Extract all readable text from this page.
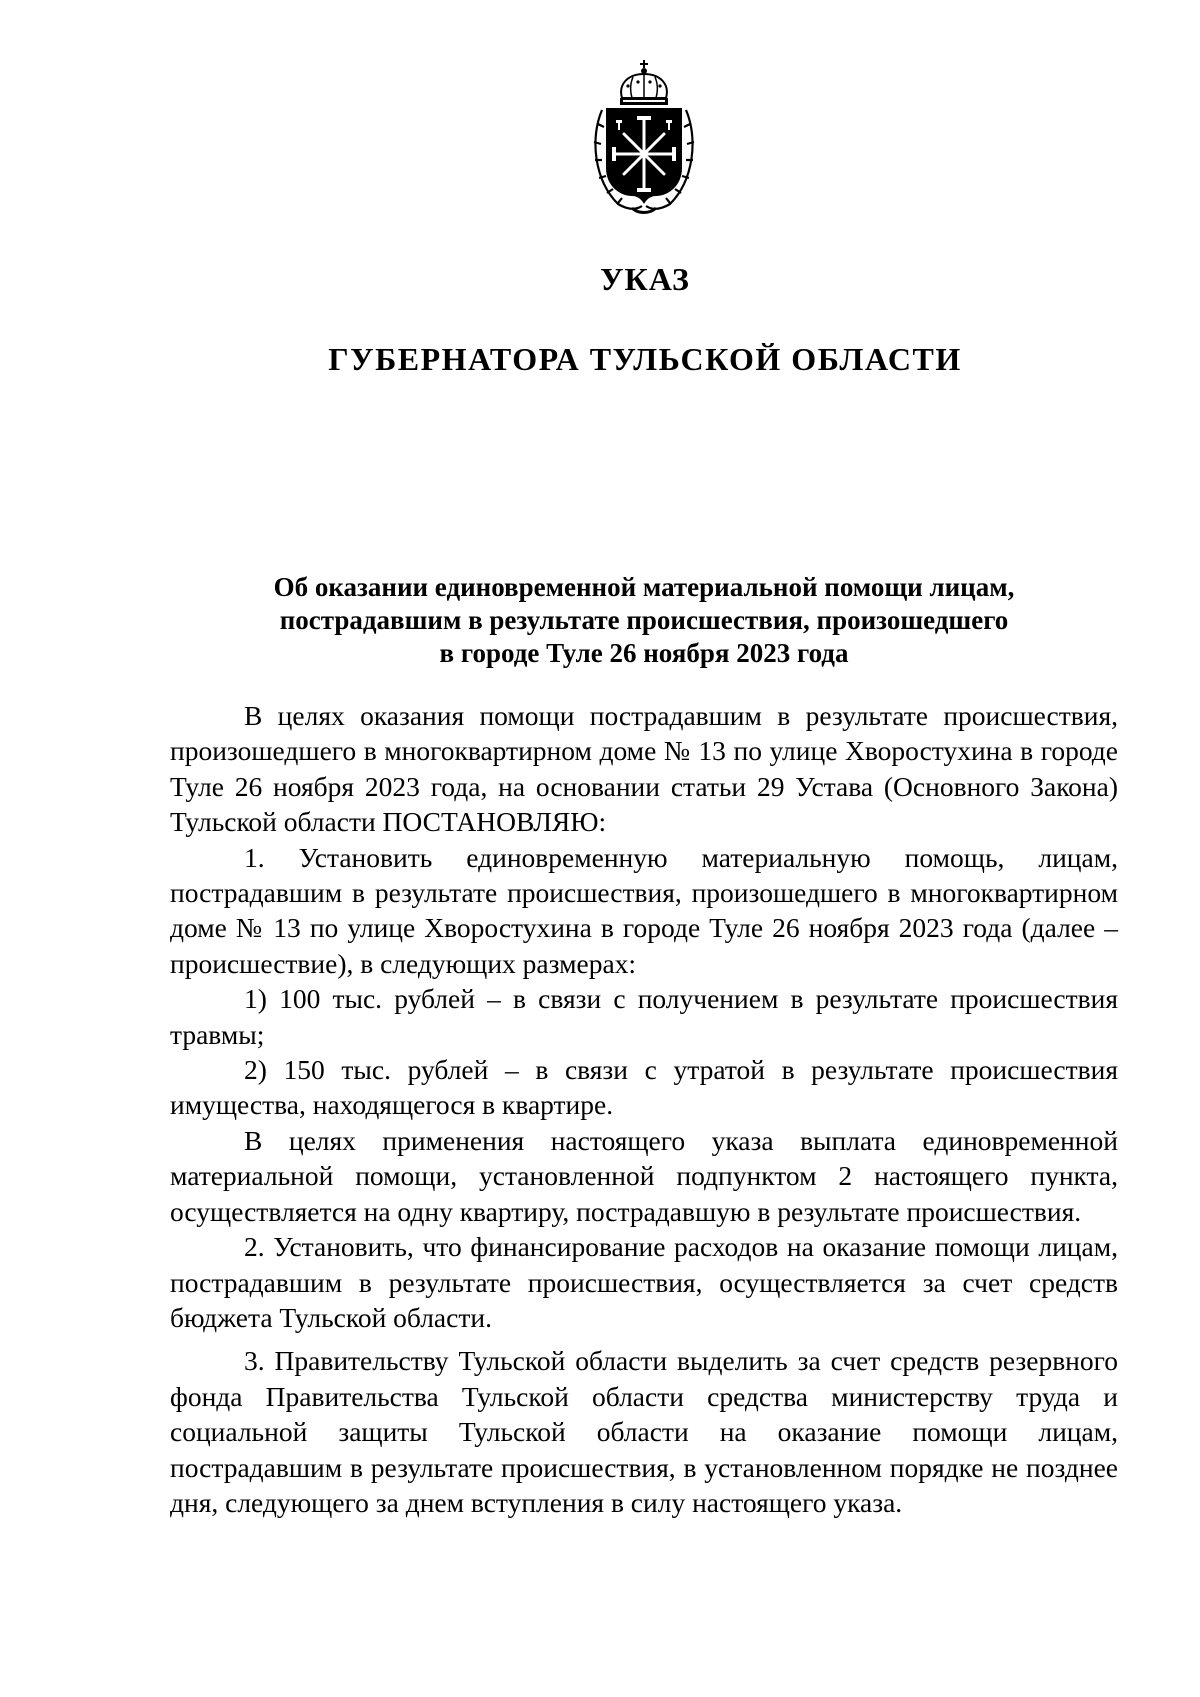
УКАЗ
ГУБЕРНАТОРА ТУЛЬСКОЙ ОБЛАСТИ
Об оказании единовременной материальной помощи лицам,
пострадавшим в результате происшествия, произошедшего
в городе Туле 26 ноября 2023 года

В целях оказания помощи пострадавшим в результате происшествия, произошедшего в многоквартирном доме № 13 по улице Хворостухина в городе Туле 26 ноября 2023 года, на основании статьи 29 Устава (Основного Закона) Тульской области ПОСТАНОВЛЯЮ:

1. Установить единовременную материальную помощь, лицам, пострадавшим в результате происшествия, произошедшего в многоквартирном доме № 13 по улице Хворостухина в городе Туле 26 ноября 2023 года (далее – происшествие), в следующих размерах:

1) 100 тыс. рублей – в связи с получением в результате происшествия травмы;

2) 150 тыс. рублей – в связи с утратой в результате происшествия имущества, находящегося в квартире.

В целях применения настоящего указа выплата единовременной материальной помощи, установленной подпунктом 2 настоящего пункта, осуществляется на одну квартиру, пострадавшую в результате происшествия.

2. Установить, что финансирование расходов на оказание помощи лицам, пострадавшим в результате происшествия, осуществляется за счет средств бюджета Тульской области.

3. Правительству Тульской области выделить за счет средств резервного фонда Правительства Тульской области средства министерству труда и социальной защиты Тульской области на оказание помощи лицам, пострадавшим в результате происшествия, в установленном порядке не позднее дня, следующего за днем вступления в силу настоящего указа.
